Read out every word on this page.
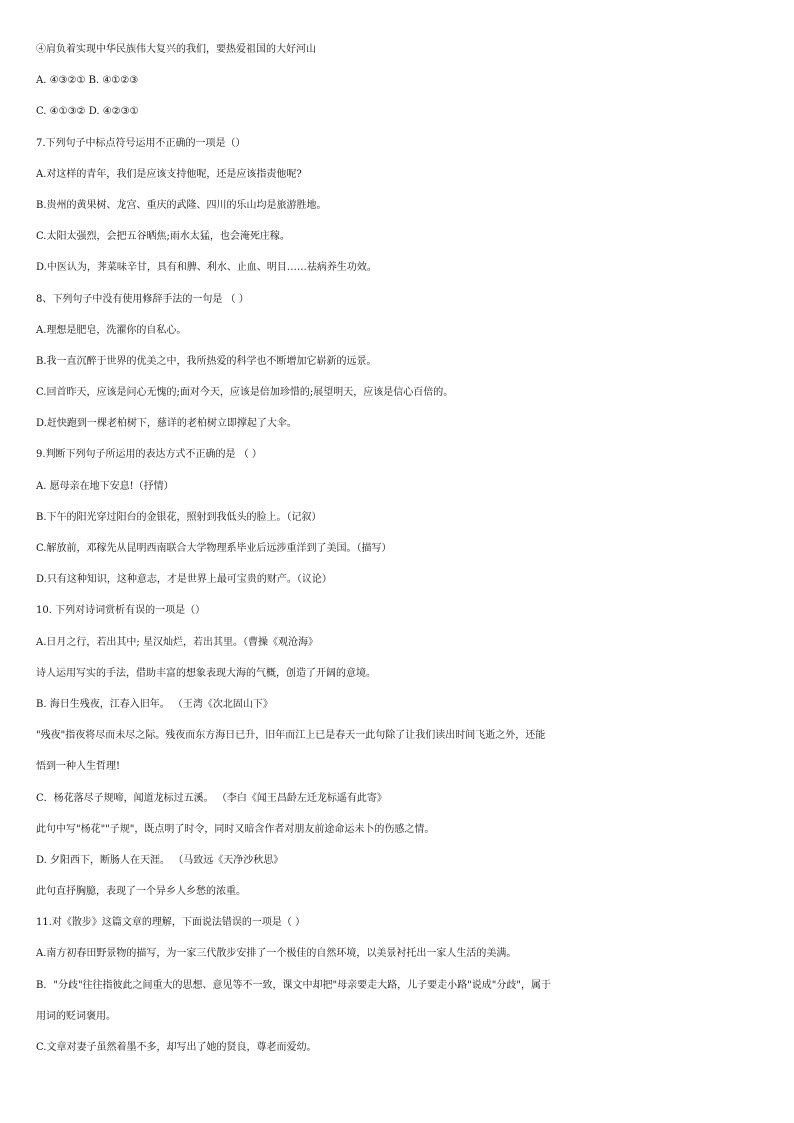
④肩负着实现中华民族伟大复兴的我们，要热爱祖国的大好河山
A. ④③②① B. ④①②③
C. ④①③② D. ④②③①
7.下列句子中标点符号运用不正确的一项是（）
A.对这样的青年，我们是应该支持他呢，还是应该指责他呢?
B.贵州的黄果树、龙宫、重庆的武隆、四川的乐山均是旅游胜地。
C.太阳太强烈，会把五谷晒焦;雨水太猛，也会淹死庄稼。
D.中医认为，荠菜味辛甘，具有和脾、利水、止血、明目……祛病养生功效。
8、下列句子中没有使用修辞手法的一句是 （ ）
A.理想是肥皂，洗濯你的自私心。
B.我一直沉醉于世界的优美之中，我所热爱的科学也不断增加它崭新的远景。
C.回首昨天，应该是问心无愧的;面对今天，应该是倍加珍惜的;展望明天，应该是信心百倍的。
D.赶快跑到一棵老柏树下，慈详的老柏树立即撑起了大伞。
9.判断下列句子所运用的表达方式不正确的是 （ ）
A. 愿母亲在地下安息!（抒情）
B.下午的阳光穿过阳台的金银花，照射到我低头的脸上。（记叙）
C.解放前，邓稼先从昆明西南联合大学物理系毕业后远涉重洋到了美国。（描写）
D.只有这种知识，这种意志，才是世界上最可宝贵的财产。（议论）
10. 下列对诗词赏析有误的一项是（）
A.日月之行，若出其中; 星汉灿烂，若出其里。（曹操《观沧海》
诗人运用写实的手法，借助丰富的想象表现大海的气概，创造了开阔的意境。
B. 海日生残夜，江春入旧年。 （王湾《次北固山下》
"残夜"指夜将尽而未尽之际。残夜而东方海日已升，旧年而江上已是春天一此句除了让我们读出时间飞逝之外，还能
悟到一种人生哲理!
C．杨花落尽子规啼，闻道龙标过五溪。 （李白《闻王昌龄左迁龙标遥有此寄》
此句中写"杨花""子规"，既点明了时令，同时又暗含作者对朋友前途命运未卜的伤感之情。
D. 夕阳西下，断肠人在天涯。 （马致远《天净沙秋思》
此句直抒胸臆，表现了一个异乡人乡愁的浓重。
11.对《散步》这篇文章的理解，下面说法错误的一项是（ ）
A.南方初春田野景物的描写，为一家三代散步安排了一个极佳的自然环境，以美景衬托出一家人生活的美满。
B．"分歧"往往指彼此之间重大的思想、意见等不一致，课文中却把"母亲要走大路，儿子要走小路"说成"分歧"，属于
用词的贬词褒用。
C.文章对妻子虽然着墨不多，却写出了她的贤良，尊老而爱幼。
